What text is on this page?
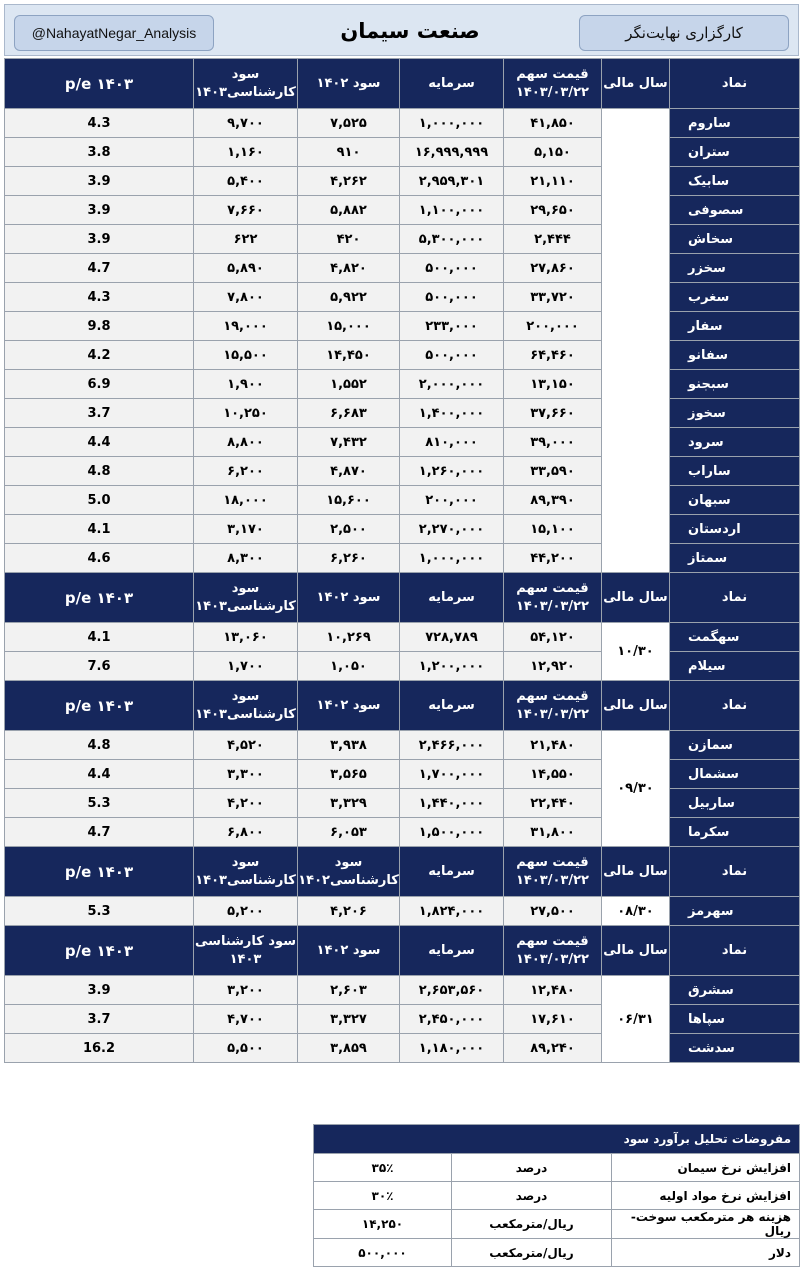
@NahayatNegar_Analysis	صنعت سیمان	کارگزاری نهایت‌نگر
نماد	سال مالی	قیمت سهم ۱۴۰۳/۰۳/۲۲	سرمایه	سود ۱۴۰۲	سود کارشناسی۱۴۰۳	p/e ۱۴۰۳
ساروم		۴۱,۸۵۰	۱,۰۰۰,۰۰۰	۷,۵۲۵	۹,۷۰۰	4.3
ستران		۵,۱۵۰	۱۶,۹۹۹,۹۹۹	۹۱۰	۱,۱۶۰	3.8
سابیک		۲۱,۱۱۰	۲,۹۵۹,۳۰۱	۴,۲۶۲	۵,۴۰۰	3.9
سصوفی		۲۹,۶۵۰	۱,۱۰۰,۰۰۰	۵,۸۸۲	۷,۶۶۰	3.9
سخاش		۲,۴۴۴	۵,۳۰۰,۰۰۰	۴۲۰	۶۲۲	3.9
سخزر		۲۷,۸۶۰	۵۰۰,۰۰۰	۴,۸۲۰	۵,۸۹۰	4.7
سغرب		۳۳,۷۲۰	۵۰۰,۰۰۰	۵,۹۲۲	۷,۸۰۰	4.3
سفار		۲۰۰,۰۰۰	۲۳۳,۰۰۰	۱۵,۰۰۰	۱۹,۰۰۰	9.8
سفانو		۶۴,۴۶۰	۵۰۰,۰۰۰	۱۴,۴۵۰	۱۵,۵۰۰	4.2
سبجنو		۱۳,۱۵۰	۲,۰۰۰,۰۰۰	۱,۵۵۲	۱,۹۰۰	6.9
سخوز		۳۷,۶۶۰	۱,۴۰۰,۰۰۰	۶,۶۸۳	۱۰,۲۵۰	3.7
سرود		۳۹,۰۰۰	۸۱۰,۰۰۰	۷,۴۳۲	۸,۸۰۰	4.4
ساراب		۳۳,۵۹۰	۱,۲۶۰,۰۰۰	۴,۸۷۰	۶,۲۰۰	4.8
سبهان		۸۹,۳۹۰	۲۰۰,۰۰۰	۱۵,۶۰۰	۱۸,۰۰۰	5.0
اردستان		۱۵,۱۰۰	۲,۲۷۰,۰۰۰	۲,۵۰۰	۳,۱۷۰	4.1
سمتاز		۴۴,۲۰۰	۱,۰۰۰,۰۰۰	۶,۲۶۰	۸,۳۰۰	4.6
نماد	سال مالی	قیمت سهم ۱۴۰۳/۰۳/۲۲	سرمایه	سود ۱۴۰۲	سود کارشناسی۱۴۰۳	p/e ۱۴۰۳
سهگمت	۱۰/۳۰	۵۴,۱۲۰	۷۲۸,۷۸۹	۱۰,۲۶۹	۱۳,۰۶۰	4.1
سیلام		۱۲,۹۲۰	۱,۲۰۰,۰۰۰	۱,۰۵۰	۱,۷۰۰	7.6
نماد	سال مالی	قیمت سهم ۱۴۰۳/۰۳/۲۲	سرمایه	سود ۱۴۰۲	سود کارشناسی۱۴۰۳	p/e ۱۴۰۳
سمازن	۰۹/۳۰	۲۱,۴۸۰	۲,۴۶۶,۰۰۰	۳,۹۳۸	۴,۵۲۰	4.8
سشمال		۱۴,۵۵۰	۱,۷۰۰,۰۰۰	۳,۵۶۵	۳,۳۰۰	4.4
ساربیل		۲۲,۴۴۰	۱,۴۴۰,۰۰۰	۳,۳۲۹	۴,۲۰۰	5.3
سکرما		۳۱,۸۰۰	۱,۵۰۰,۰۰۰	۶,۰۵۳	۶,۸۰۰	4.7
نماد	سال مالی	قیمت سهم ۱۴۰۳/۰۳/۲۲	سرمایه	سود کارشناسی۱۴۰۲	سود کارشناسی۱۴۰۳	p/e ۱۴۰۳
سهرمز	۰۸/۳۰	۲۷,۵۰۰	۱,۸۲۴,۰۰۰	۴,۲۰۶	۵,۲۰۰	5.3
نماد	سال مالی	قیمت سهم ۱۴۰۳/۰۳/۲۲	سرمایه	سود ۱۴۰۲	سود کارشناسی ۱۴۰۳	p/e ۱۴۰۳
سشرق	۰۶/۳۱	۱۲,۴۸۰	۲,۶۵۳,۵۶۰	۲,۶۰۳	۳,۲۰۰	3.9
سپاها		۱۷,۶۱۰	۲,۴۵۰,۰۰۰	۳,۳۲۷	۴,۷۰۰	3.7
سدشت		۸۹,۲۴۰	۱,۱۸۰,۰۰۰	۳,۸۵۹	۵,۵۰۰	16.2
مفروضات تحلیل برآورد سود		
افزایش نرخ سیمان	درصد	۳۵٪
افزایش نرخ مواد اولیه	درصد	۳۰٪
هزینه هر مترمکعب سوخت-ریال	ریال/مترمکعب	۱۴,۲۵۰
دلار	ریال/مترمکعب	۵۰۰,۰۰۰
